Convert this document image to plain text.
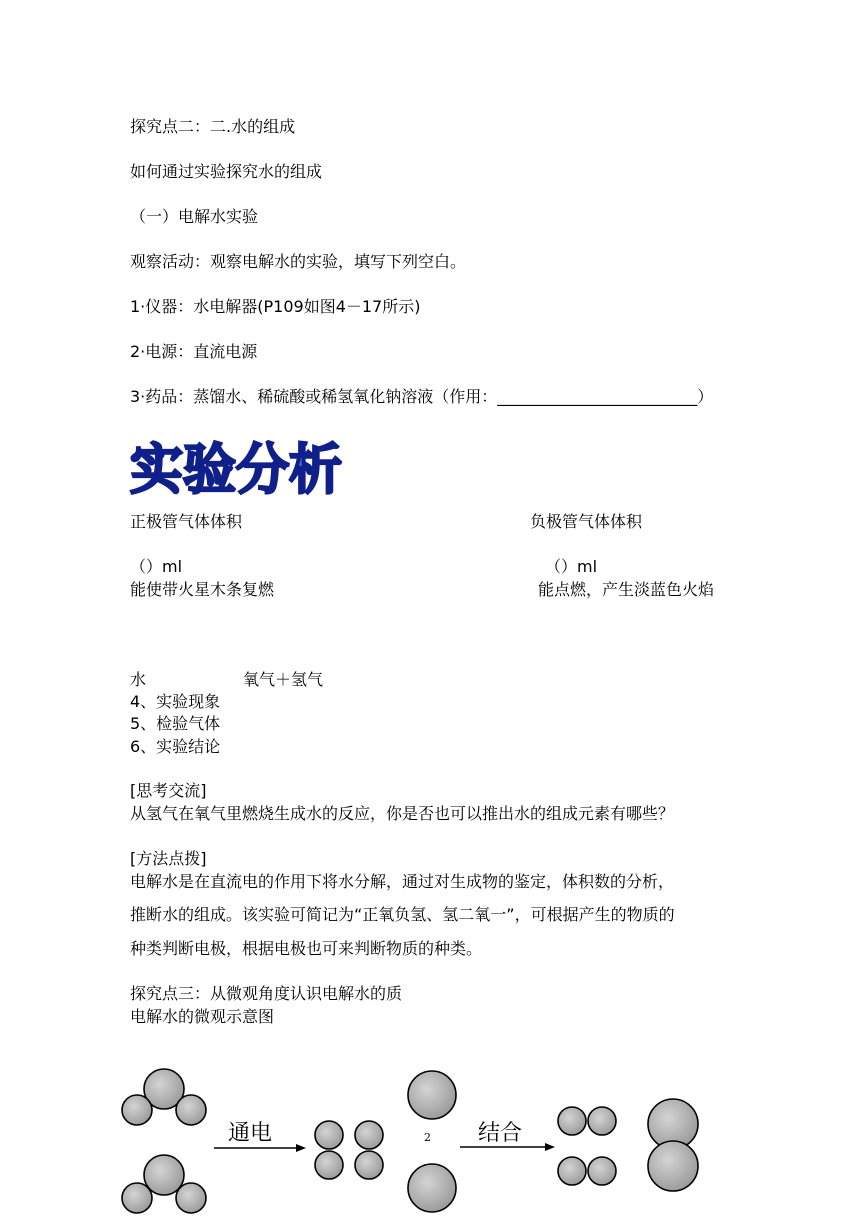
探究点二：二.水的组成
如何通过实验探究水的组成
（一）电解水实验
观察活动：观察电解水的实验，填写下列空白。
1·仪器：水电解器(P109如图4－17所示)
2·电源：直流电源
3·药品：蒸馏水、稀硫酸或稀氢氧化钠溶液（作用：_________________________）
实验分析
正极管气体体积	负极管气体体积
（）ml	（）ml
能使带火星木条复燃	能点燃，产生淡蓝色火焰
水	氧气＋氢气
4、实验现象
5、检验气体
6、实验结论
[思考交流]
从氢气在氧气里燃烧生成水的反应，你是否也可以推出水的组成元素有哪些？
[方法点拨]
电解水是在直流电的作用下将水分解，通过对生成物的鉴定，体积数的分析，
推断水的组成。该实验可简记为“正氧负氢、氢二氧一”，可根据产生的物质的
种类判断电极，根据电极也可来判断物质的种类。
探究点三：从微观角度认识电解水的质
电解水的微观示意图
通电	结合
2
